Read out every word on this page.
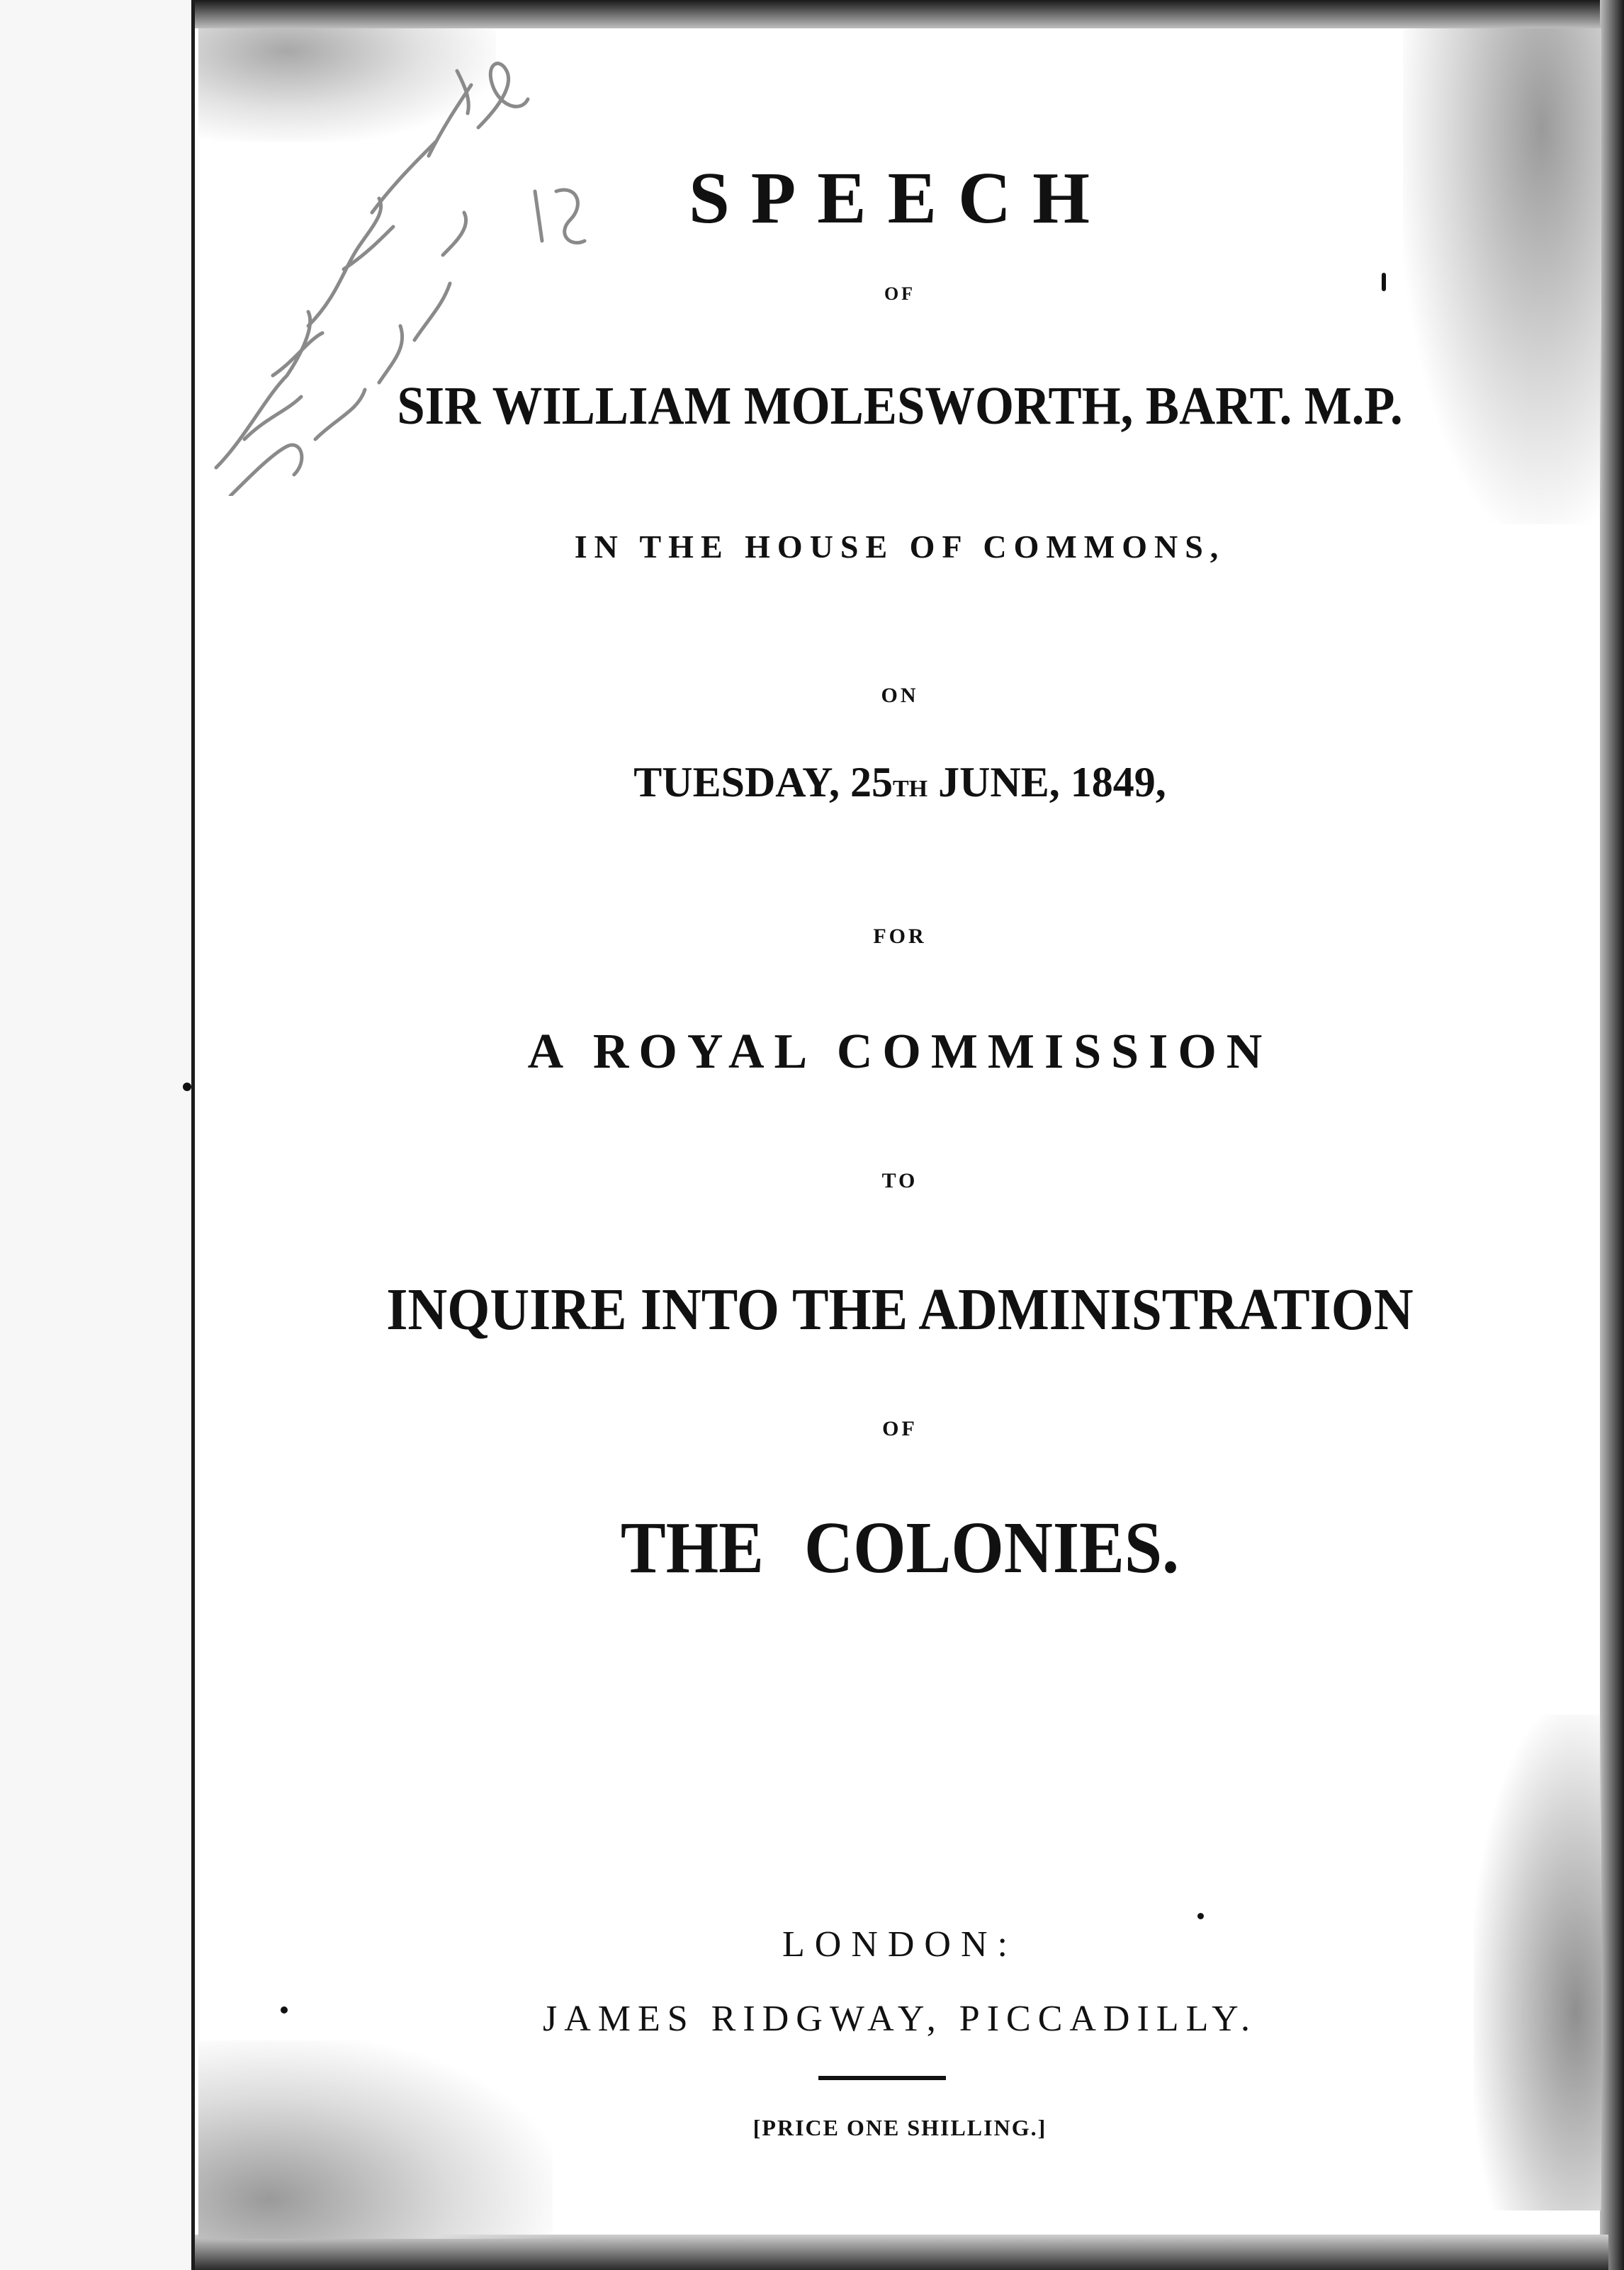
OF
SPEECH
SIR WILLIAM MOLESWORTH, BART. M.P.
IN THE HOUSE OF COMMONS,
ON
TUESDAY, 25TH JUNE, 1849,
FOR
A ROYAL COMMISSION
TO
INQUIRE INTO THE ADMINISTRATION
OF
THE COLONIES.
LONDON:
JAMES RIDGWAY, PICCADILLY.
[PRICE ONE SHILLING.]
